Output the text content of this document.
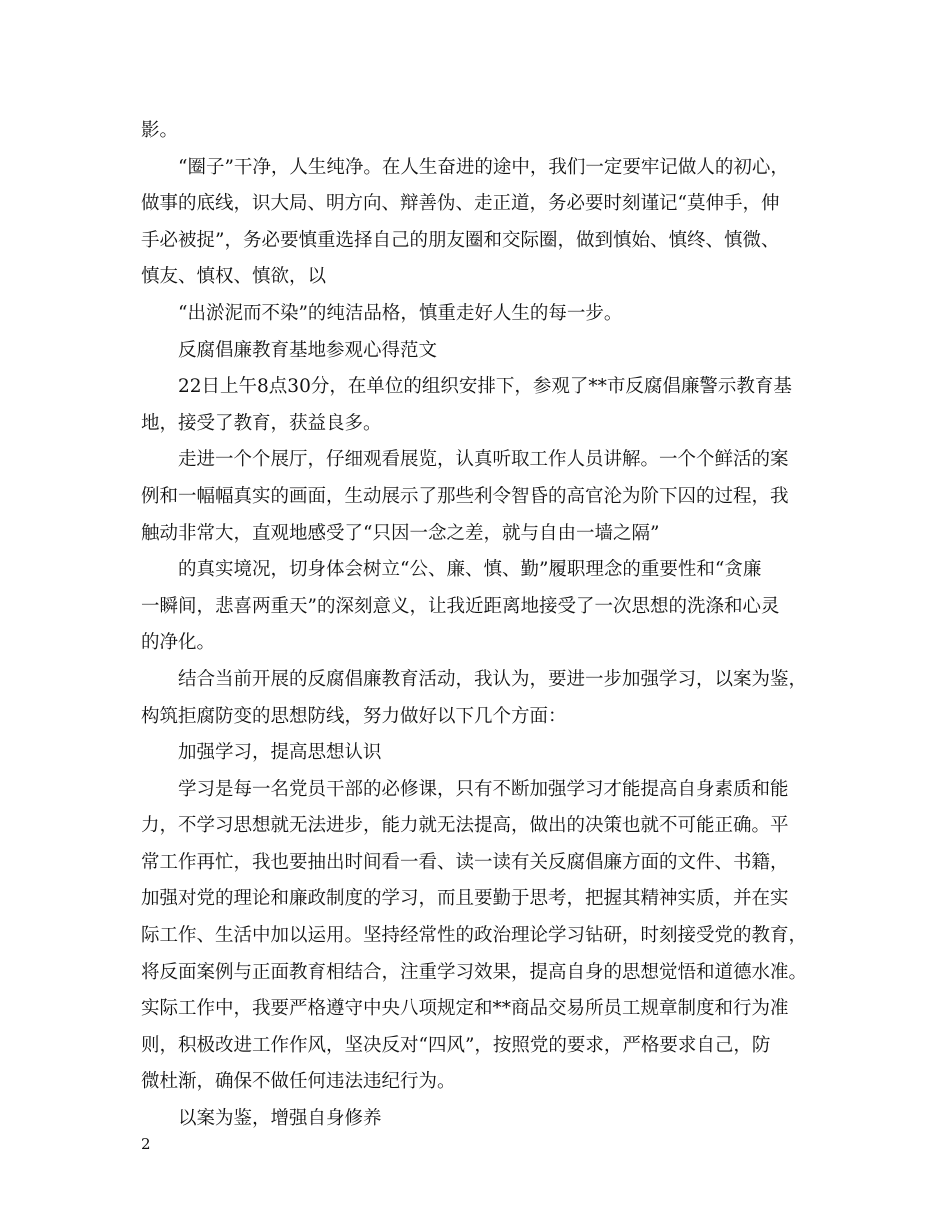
影。
“圈子”干净，人生纯净。在人生奋进的途中，我们一定要牢记做人的初心，
做事的底线，识大局、明方向、辩善伪、走正道，务必要时刻谨记“莫伸手，伸
手必被捉”，务必要慎重选择自己的朋友圈和交际圈，做到慎始、慎终、慎微、
慎友、慎权、慎欲，以
“出淤泥而不染”的纯洁品格，慎重走好人生的每一步。
反腐倡廉教育基地参观心得范文
22日上午8点30分，在单位的组织安排下，参观了**市反腐倡廉警示教育基
地，接受了教育，获益良多。
走进一个个展厅，仔细观看展览，认真听取工作人员讲解。一个个鲜活的案
例和一幅幅真实的画面，生动展示了那些利令智昏的高官沦为阶下囚的过程，我
触动非常大，直观地感受了“只因一念之差，就与自由一墙之隔”
的真实境况，切身体会树立“公、廉、慎、勤”履职理念的重要性和“贪廉
一瞬间，悲喜两重天”的深刻意义，让我近距离地接受了一次思想的洗涤和心灵
的净化。
结合当前开展的反腐倡廉教育活动，我认为，要进一步加强学习，以案为鉴，
构筑拒腐防变的思想防线，努力做好以下几个方面：
加强学习，提高思想认识
学习是每一名党员干部的必修课，只有不断加强学习才能提高自身素质和能
力，不学习思想就无法进步，能力就无法提高，做出的决策也就不可能正确。平
常工作再忙，我也要抽出时间看一看、读一读有关反腐倡廉方面的文件、书籍，
加强对党的理论和廉政制度的学习，而且要勤于思考，把握其精神实质，并在实
际工作、生活中加以运用。坚持经常性的政治理论学习钻研，时刻接受党的教育，
将反面案例与正面教育相结合，注重学习效果，提高自身的思想觉悟和道德水准。
实际工作中，我要严格遵守中央八项规定和**商品交易所员工规章制度和行为准
则，积极改进工作作风，坚决反对“四风”，按照党的要求，严格要求自己，防
微杜渐，确保不做任何违法违纪行为。
以案为鉴，增强自身修养
2
